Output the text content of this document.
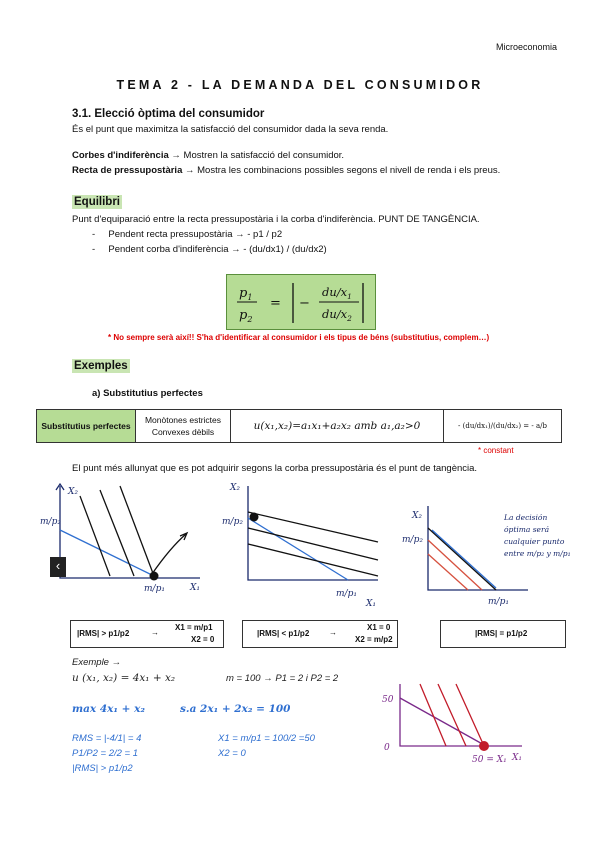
Microeconomia
TEMA 2 - LA DEMANDA DEL CONSUMIDOR
3.1. Elecció òptima del consumidor
És el punt que maximitza la satisfacció del consumidor dada la seva renda.
Corbes d'indiferència → Mostren la satisfacció del consumidor.
Recta de pressupostària → Mostra les combinacions possibles segons el nivell de renda i els preus.
Equilibri
Punt d'equiparació entre la recta pressupostària i la corba d'indiferència. PUNT DE TANGÈNCIA.
-     Pendent recta pressupostària → - p1 / p2
-     Pendent corba d'indiferència → - (du/dx1) / (du/dx2)
$p_1$
$p_2$
= −
$du/x_1$
$du/x_2$
* No sempre serà així!! S'ha d'identificar al consumidor i els tipus de béns (substitutius, complem…)
Exemples
a) Substitutius perfectes
Substitutius perfectes	Monòtones estrictes
Convexes dèbils	u(x₁,x₂)=a₁x₁+a₂x₂ amb a₁,a₂>0	- (du/dx₁)/(du/dx₂) = - a/b
* constant
El punt més allunyat que es pot adquirir segons la corba pressupostària és el punt de tangència.
X₂
m/p₂
m/p₁	X₁
‹
X₂
m/p₂
m/p₁
X₁
X₂
m/p₂
m/p₁
La decisión óptima será cualquier punto entre m/p₂ y m/p₁
|RMS| > p1/p2	→
X1 = m/p1
X2 = 0
|RMS| < p1/p2 →
X1 = 0
X2 = m/p2
|RMS| = p1/p2
Exemple →
u (x₁, x₂) = 4x₁ + x₂	m = 100 → P1 = 2 i P2 = 2
max 4x₁ + x₂	s.a 2x₁ + 2x₂ = 100
RMS = |-4/1| = 4
P1/P2 = 2/2 = 1
|RMS| > p1/p2
X1 = m/p1 = 100/2 =50
X2 = 0
50
0
50 = X₁ X₁
